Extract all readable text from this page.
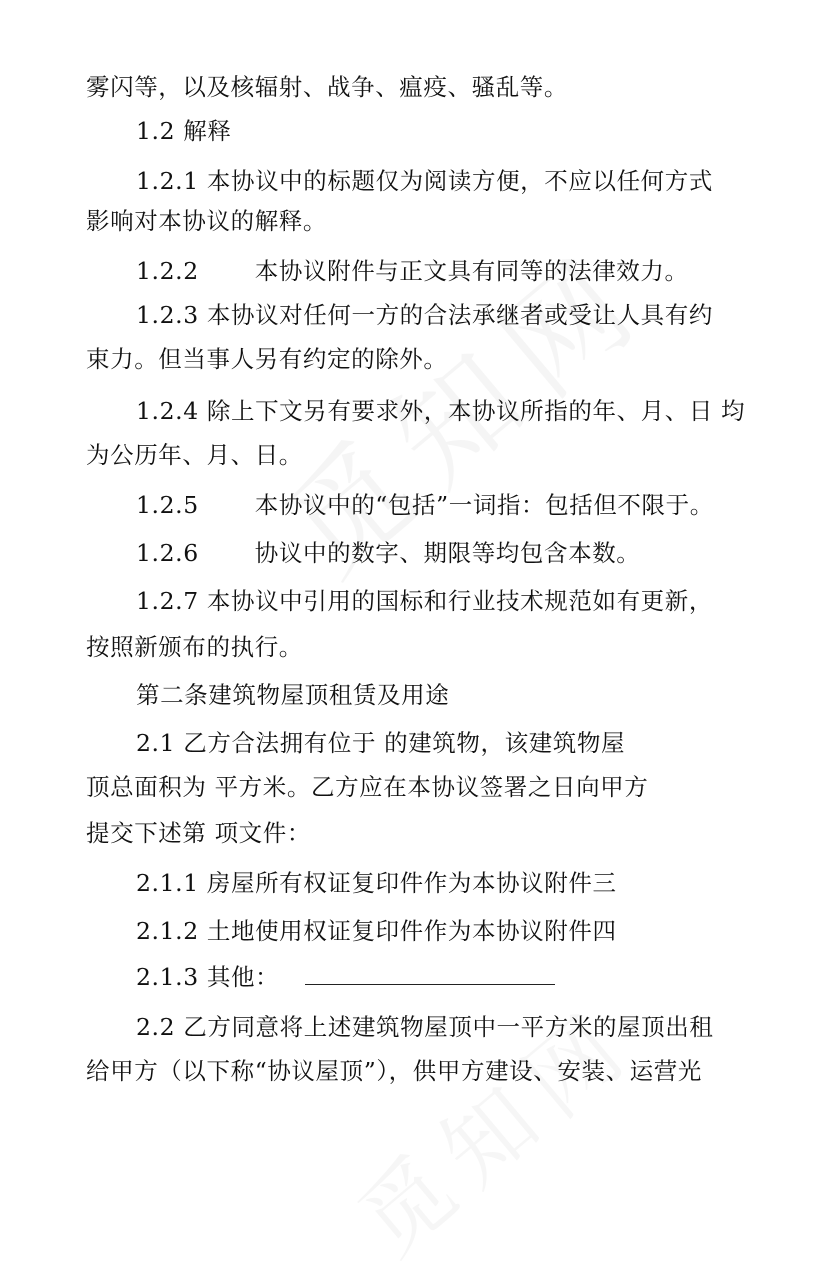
雾闪等，以及核辐射、战争、瘟疫、骚乱等。
1.2 解释
1.2.1 本协议中的标题仅为阅读方便，不应以任何方式
影响对本协议的解释。
1.2.2 本协议附件与正文具有同等的法律效力。
1.2.3 本协议对任何一方的合法承继者或受让人具有约
束力。但当事人另有约定的除外。
1.2.4 除上下文另有要求外，本协议所指的年、月、日 均
为公历年、月、日。
1.2.5 本协议中的“包括”一词指：包括但不限于。
1.2.6 协议中的数字、期限等均包含本数。
1.2.7 本协议中引用的国标和行业技术规范如有更新，
按照新颁布的执行。
第二条建筑物屋顶租赁及用途
2.1 乙方合法拥有位于 的建筑物，该建筑物屋
顶总面积为 平方米。乙方应在本协议签署之日向甲方
提交下述第 项文件：
2.1.1 房屋所有权证复印件作为本协议附件三
2.1.2 土地使用权证复印件作为本协议附件四
2.1.3 其他：
2.2 乙方同意将上述建筑物屋顶中一平方米的屋顶出租
给甲方（以下称“协议屋顶”），供甲方建设、安装、运营光
